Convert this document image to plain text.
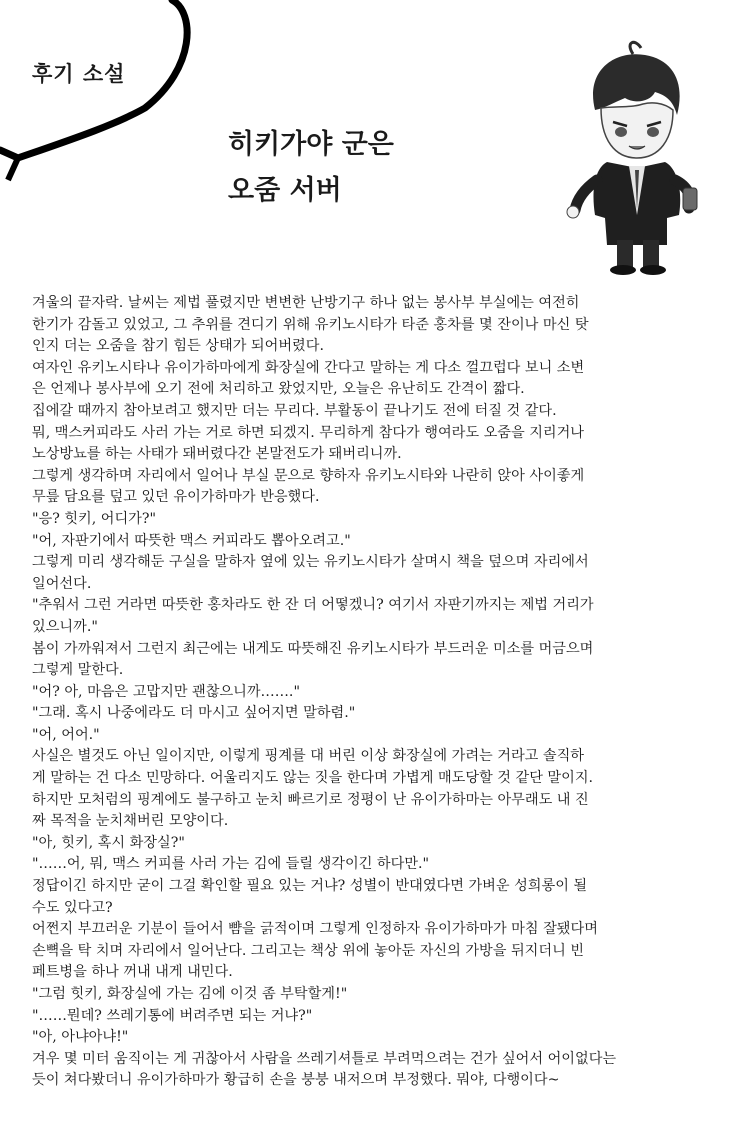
후기 소설
히키가야 군은
오줌 서버
겨울의 끝자락. 날씨는 제법 풀렸지만 변변한 난방기구 하나 없는 봉사부 부실에는 여전히
한기가 감돌고 있었고, 그 추위를 견디기 위해 유키노시타가 타준 홍차를 몇 잔이나 마신 탓
인지 더는 오줌을 참기 힘든 상태가 되어버렸다.
여자인 유키노시타나 유이가하마에게 화장실에 간다고 말하는 게 다소 껄끄럽다 보니 소변
은 언제나 봉사부에 오기 전에 처리하고 왔었지만, 오늘은 유난히도 간격이 짧다.
집에갈 때까지 참아보려고 했지만 더는 무리다. 부활동이 끝나기도 전에 터질 것 같다.
뭐, 맥스커피라도 사러 가는 거로 하면 되겠지. 무리하게 참다가 행여라도 오줌을 지리거나
노상방뇨를 하는 사태가 돼버렸다간 본말전도가 돼버리니까.
그렇게 생각하며 자리에서 일어나 부실 문으로 향하자 유키노시타와 나란히 앉아 사이좋게
무릎 담요를 덮고 있던 유이가하마가 반응했다.
"응? 힛키, 어디가?"
"어, 자판기에서 따뜻한 맥스 커피라도 뽑아오려고."
그렇게 미리 생각해둔 구실을 말하자 옆에 있는 유키노시타가 살며시 책을 덮으며 자리에서
일어선다.
"추워서 그런 거라면 따뜻한 홍차라도 한 잔 더 어떻겠니? 여기서 자판기까지는 제법 거리가
있으니까."
봄이 가까워져서 그런지 최근에는 내게도 따뜻해진 유키노시타가 부드러운 미소를 머금으며
그렇게 말한다.
"어? 아, 마음은 고맙지만 괜찮으니까……."
"그래. 혹시 나중에라도 더 마시고 싶어지면 말하렴."
"어, 어어."
사실은 별것도 아닌 일이지만, 이렇게 핑계를 대 버린 이상 화장실에 가려는 거라고 솔직하
게 말하는 건 다소 민망하다. 어울리지도 않는 짓을 한다며 가볍게 매도당할 것 같단 말이지.
하지만 모처럼의 핑계에도 불구하고 눈치 빠르기로 정평이 난 유이가하마는 아무래도 내 진
짜 목적을 눈치채버린 모양이다.
"아, 힛키, 혹시 화장실?"
"……어, 뭐, 맥스 커피를 사러 가는 김에 들릴 생각이긴 하다만."
정답이긴 하지만 굳이 그걸 확인할 필요 있는 거냐? 성별이 반대였다면 가벼운 성희롱이 될
수도 있다고?
어쩐지 부끄러운 기분이 들어서 뺨을 긁적이며 그렇게 인정하자 유이가하마가 마침 잘됐다며
손뼉을 탁 치며 자리에서 일어난다. 그리고는 책상 위에 놓아둔 자신의 가방을 뒤지더니 빈
페트병을 하나 꺼내 내게 내민다.
"그럼 힛키, 화장실에 가는 김에 이것 좀 부탁할게!"
"……뭔데? 쓰레기통에 버려주면 되는 거냐?"
"아, 아냐아냐!"
겨우 몇 미터 움직이는 게 귀찮아서 사람을 쓰레기셔틀로 부려먹으려는 건가 싶어서 어이없다는
듯이 쳐다봤더니 유이가하마가 황급히 손을 붕붕 내저으며 부정했다. 뭐야, 다행이다~
